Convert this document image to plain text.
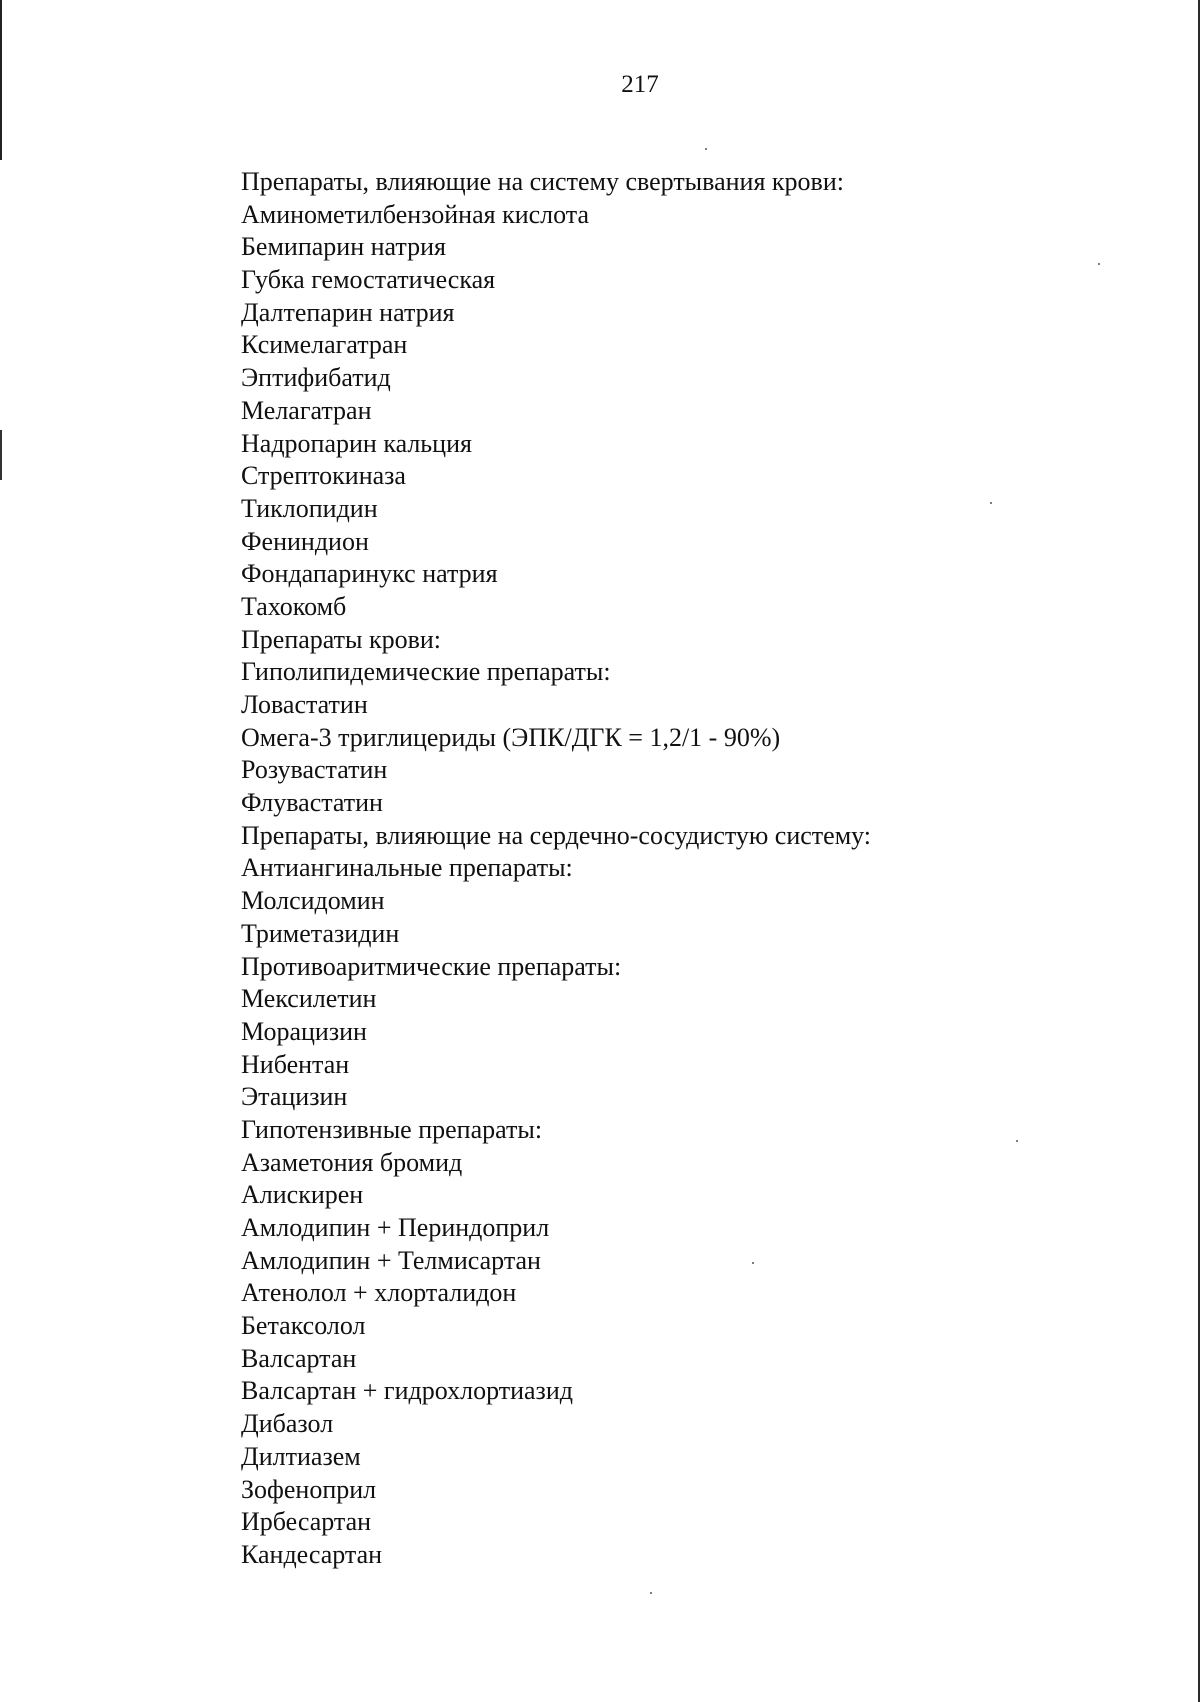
217
Препараты, влияющие на систему свертывания крови:
Аминометилбензойная кислота
Бемипарин натрия
Губка гемостатическая
Далтепарин натрия
Ксимелагатран
Эптифибатид
Мелагатран
Надропарин кальция
Стрептокиназа
Тиклопидин
Фениндион
Фондапаринукс натрия
Тахокомб
Препараты крови:
Гиполипидемические препараты:
Ловастатин
Омега-3 триглицериды (ЭПК/ДГК = 1,2/1 - 90%)
Розувастатин
Флувастатин
Препараты, влияющие на сердечно-сосудистую систему:
Антиангинальные препараты:
Молсидомин
Триметазидин
Противоаритмические препараты:
Мексилетин
Морацизин
Нибентан
Этацизин
Гипотензивные препараты:
Азаметония бромид
Алискирен
Амлодипин + Периндоприл
Амлодипин + Телмисартан
Атенолол + хлорталидон
Бетаксолол
Валсартан
Валсартан + гидрохлортиазид
Дибазол
Дилтиазем
Зофеноприл
Ирбесартан
Кандесартан
